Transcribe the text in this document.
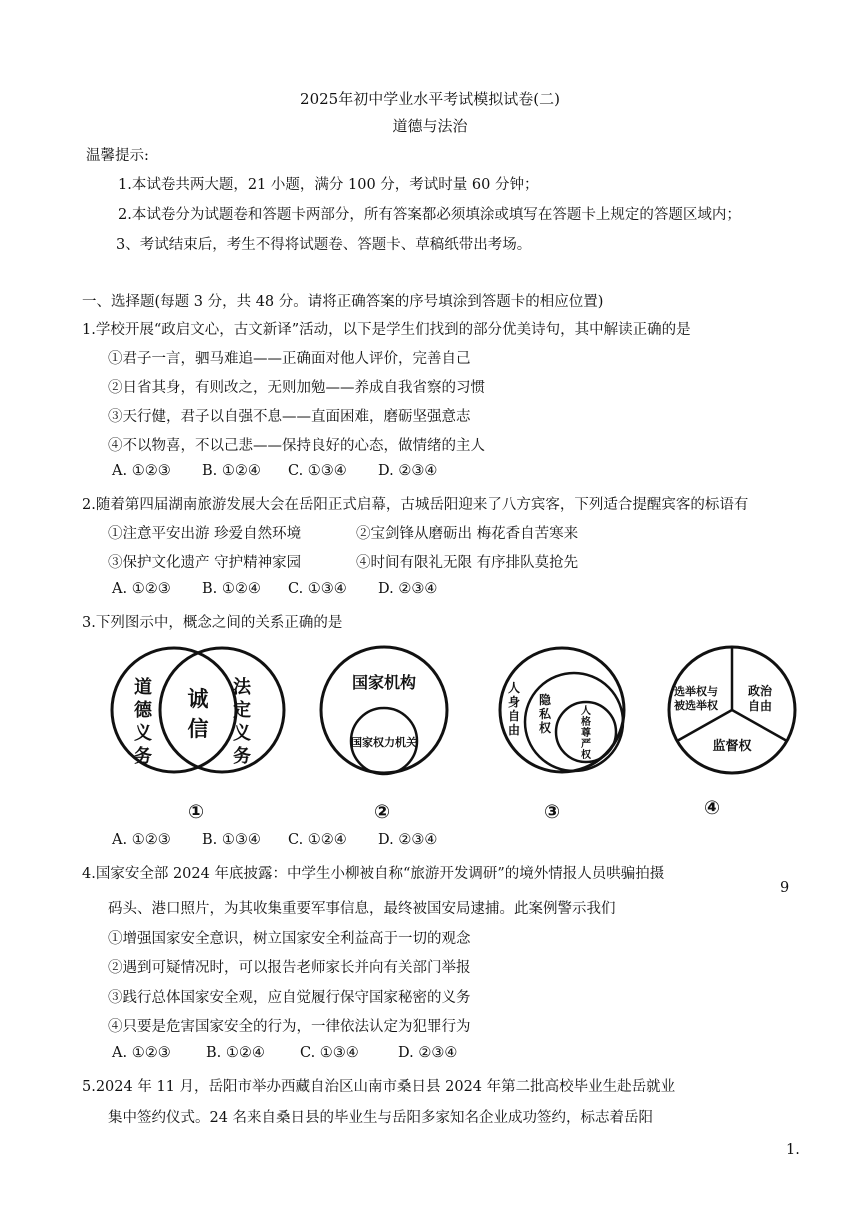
2025年初中学业水平考试模拟试卷(二)
道德与法治
温馨提示:
1.本试卷共两大题，21 小题，满分 100 分，考试时量 60 分钟；
2.本试卷分为试题卷和答题卡两部分，所有答案都必须填涂或填写在答题卡上规定的答题区域内；
3、考试结束后，考生不得将试题卷、答题卡、草稿纸带出考场。
一、选择题(每题 3 分，共 48 分。请将正确答案的序号填涂到答题卡的相应位置)
1.学校开展“政启文心，古文新译”活动，以下是学生们找到的部分优美诗句，其中解读正确的是
①君子一言，驷马难追——正确面对他人评价，完善自己
②日省其身，有则改之，无则加勉——养成自我省察的习惯
③天行健，君子以自强不息——直面困难，磨砺坚强意志
④不以物喜，不以己悲——保持良好的心态，做情绪的主人
A. ①②③ B. ①②④ C. ①③④ D. ②③④
2.随着第四届湖南旅游发展大会在岳阳正式启幕，古城岳阳迎来了八方宾客，下列适合提醒宾客的标语有
①注意平安出游 珍爱自然环境	②宝剑锋从磨砺出 梅花香自苦寒来
③保护文化遗产 守护精神家园	④时间有限礼无限 有序排队莫抢先
A. ①②③ B. ①②④ C. ①③④ D. ②③④
3.下列图示中，概念之间的关系正确的是
道
德
义
务
诚
信
法
定
义
务
①
国家机构
国家权力机关
②
人
身
自
由
隐
私
权
人
格
尊
严
权
③
选举权与
被选举权
政治
自由
监督权
④
A. ①②③ B. ①③④ C. ①②④ D. ②③④
4.国家安全部 2024 年底披露：中学生小柳被自称“旅游开发调研”的境外情报人员哄骗拍摄
9
码头、港口照片，为其收集重要军事信息，最终被国安局逮捕。此案例警示我们
①增强国家安全意识，树立国家安全利益高于一切的观念
②遇到可疑情况时，可以报告老师家长并向有关部门举报
③践行总体国家安全观，应自觉履行保守国家秘密的义务
④只要是危害国家安全的行为，一律依法认定为犯罪行为
A. ①②③ B. ①②④ C. ①③④	D. ②③④
5.2024 年 11 月，岳阳市举办西藏自治区山南市桑日县 2024 年第二批高校毕业生赴岳就业
集中签约仪式。24 名来自桑日县的毕业生与岳阳多家知名企业成功签约，标志着岳阳
1.
